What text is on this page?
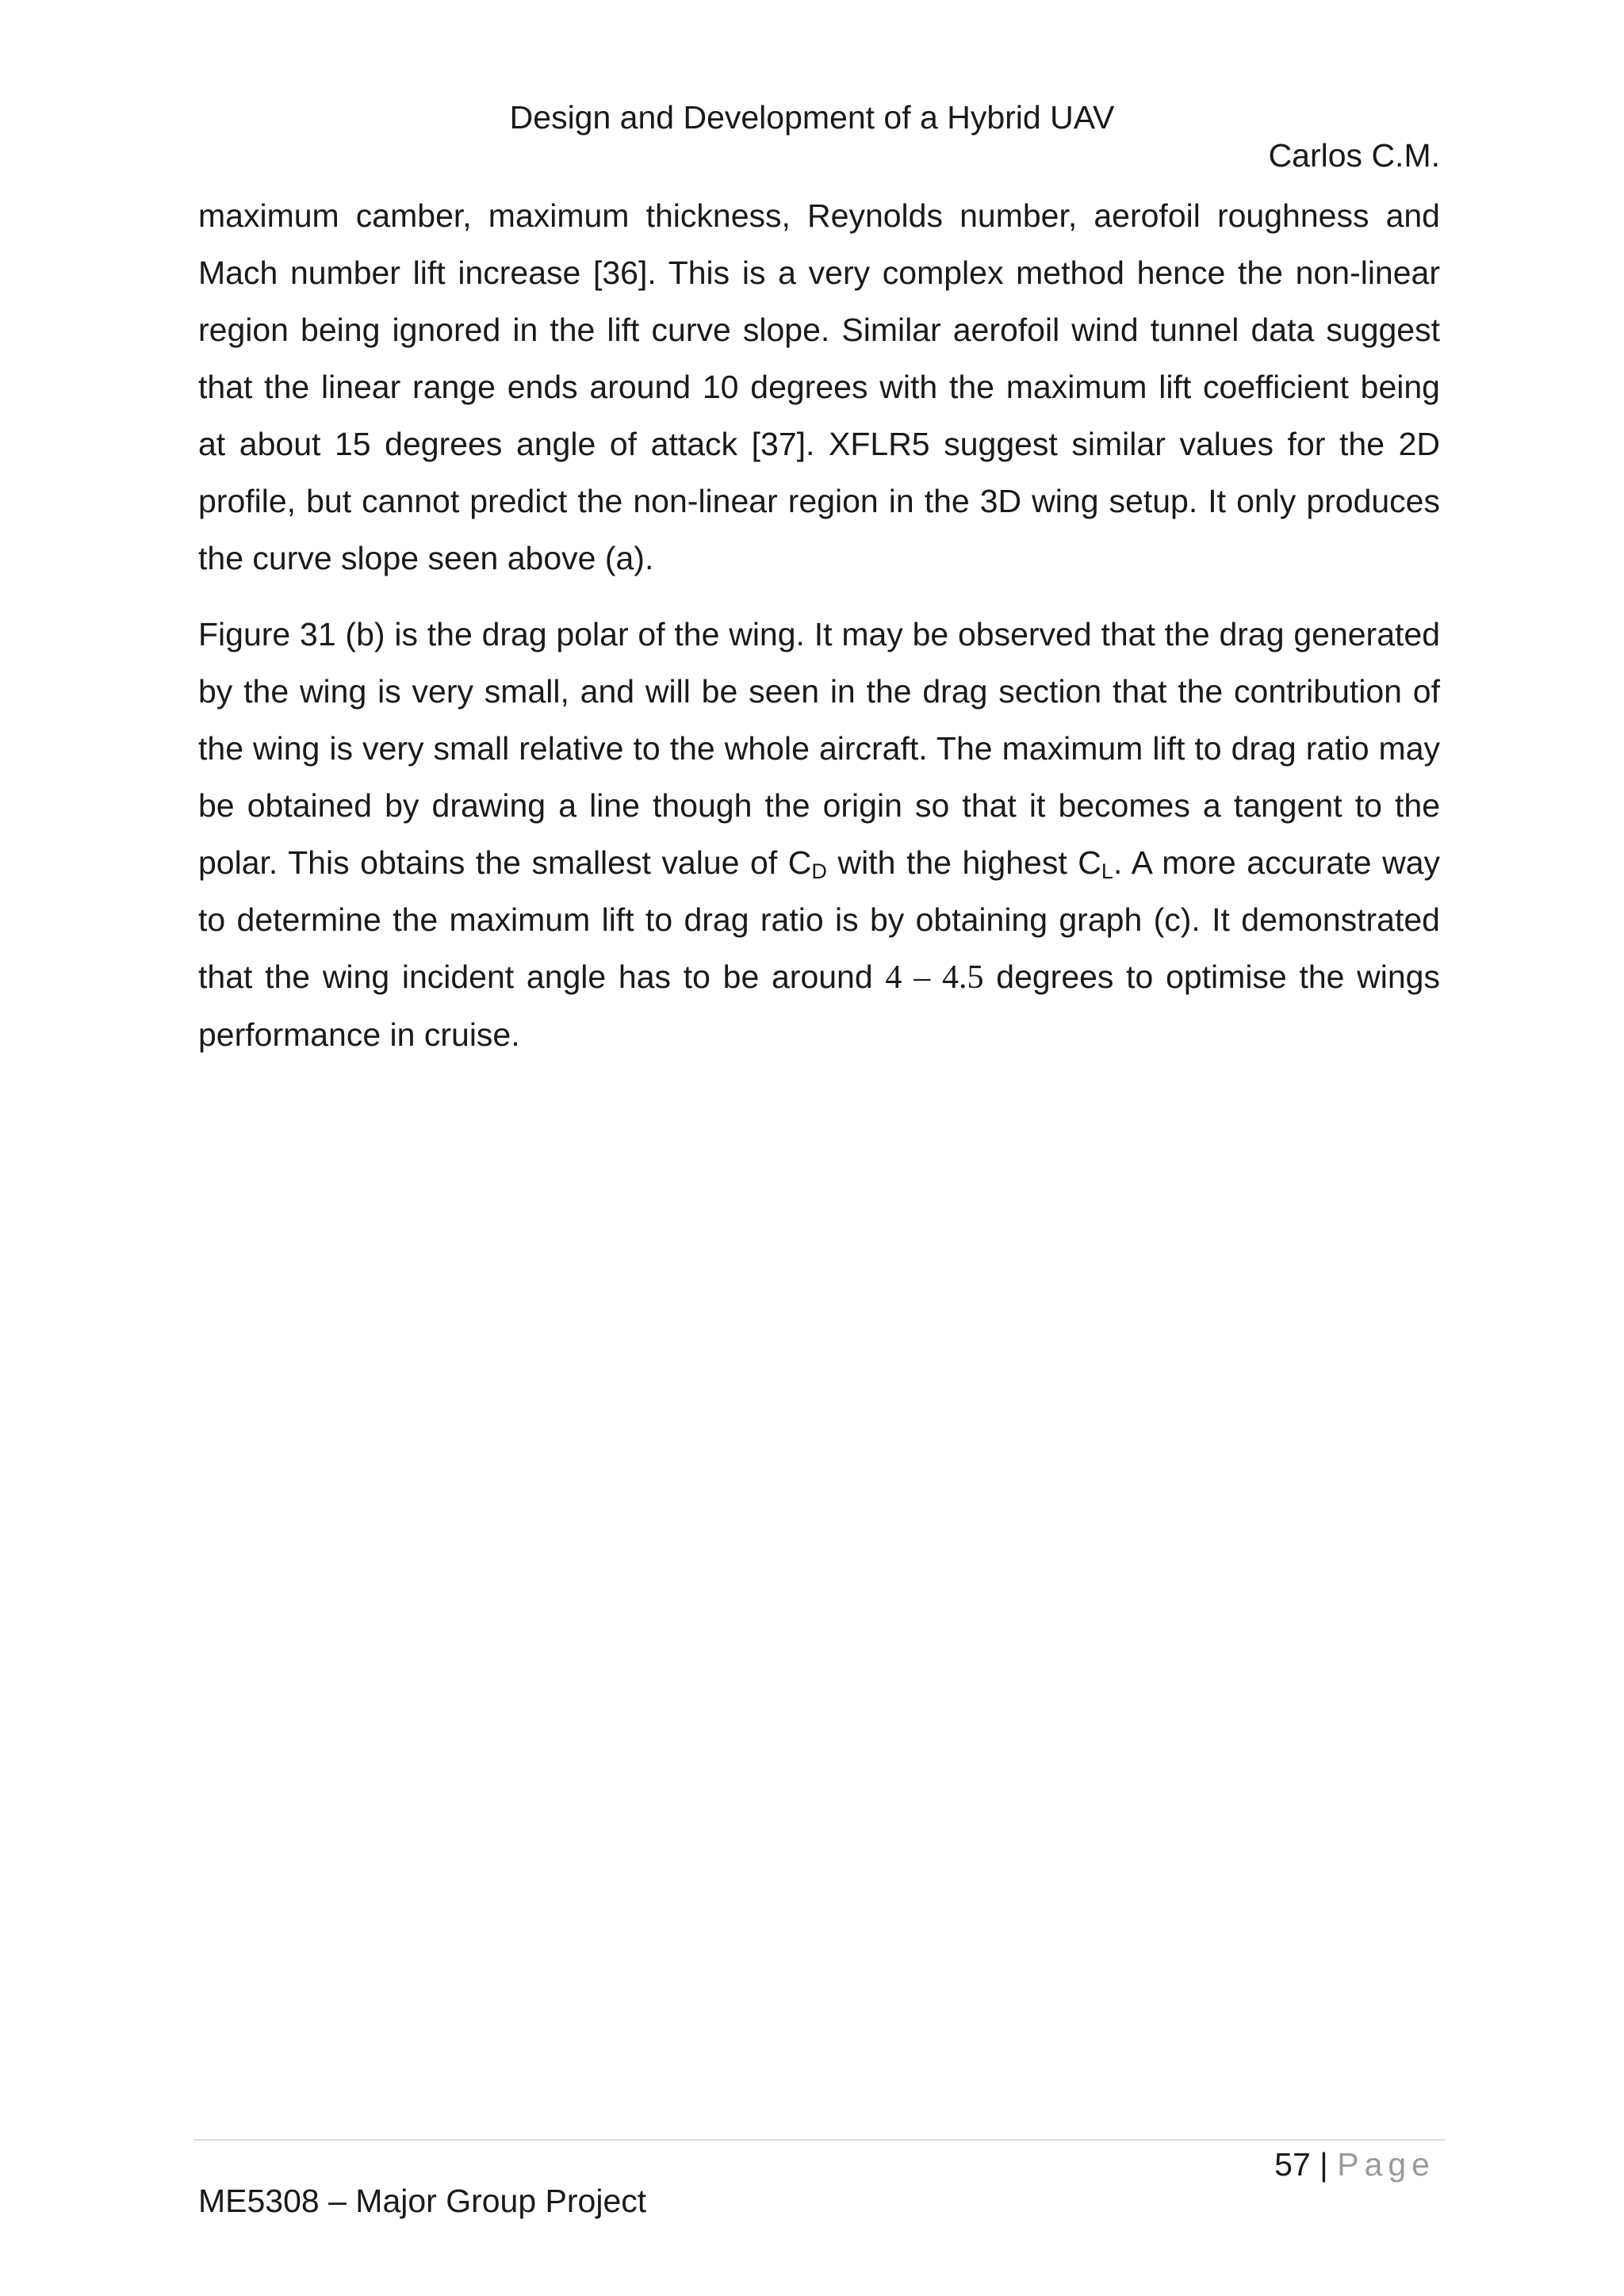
Design and Development of a Hybrid UAV
Carlos C.M.

maximum camber, maximum thickness, Reynolds number, aerofoil roughness and Mach number lift increase [36]. This is a very complex method hence the non-linear region being ignored in the lift curve slope. Similar aerofoil wind tunnel data suggest that the linear range ends around 10 degrees with the maximum lift coefficient being at about 15 degrees angle of attack [37]. XFLR5 suggest similar values for the 2D profile, but cannot predict the non-linear region in the 3D wing setup. It only produces the curve slope seen above (a).

Figure 31 (b) is the drag polar of the wing. It may be observed that the drag generated by the wing is very small, and will be seen in the drag section that the contribution of the wing is very small relative to the whole aircraft. The maximum lift to drag ratio may be obtained by drawing a line though the origin so that it becomes a tangent to the polar. This obtains the smallest value of $C_D$ with the highest $C_L$. A more accurate way to determine the maximum lift to drag ratio is by obtaining graph (c). It demonstrated that the wing incident angle has to be around 4 – 4.5 degrees to optimise the wings performance in cruise.

57 | Page
ME5308 – Major Group Project
